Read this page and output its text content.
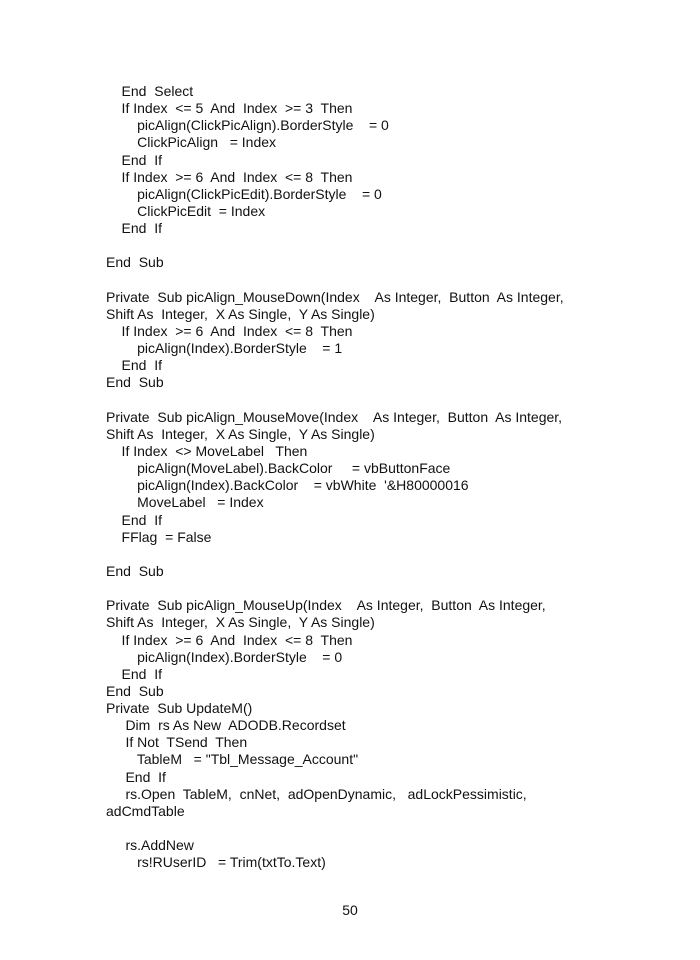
End  Select
If Index  <= 5  And  Index  >= 3  Then
picAlign(ClickPicAlign).BorderStyle    = 0
ClickPicAlign   = Index
End  If
If Index  >= 6  And  Index  <= 8  Then
picAlign(ClickPicEdit).BorderStyle    = 0
ClickPicEdit  = Index
End  If
End  Sub
Private  Sub picAlign_MouseDown(Index    As Integer,  Button  As Integer,
Shift As  Integer,  X As Single,  Y As Single)
If Index  >= 6  And  Index  <= 8  Then
picAlign(Index).BorderStyle    = 1
End  If
End  Sub
Private  Sub picAlign_MouseMove(Index    As Integer,  Button  As Integer,
Shift As  Integer,  X As Single,  Y As Single)
If Index  <> MoveLabel   Then
picAlign(MoveLabel).BackColor     = vbButtonFace
picAlign(Index).BackColor    = vbWhite  '&H80000016
MoveLabel   = Index
End  If
FFlag  = False
End  Sub
Private  Sub picAlign_MouseUp(Index    As Integer,  Button  As Integer,
Shift As  Integer,  X As Single,  Y As Single)
If Index  >= 6  And  Index  <= 8  Then
picAlign(Index).BorderStyle    = 0
End  If
End  Sub
Private  Sub UpdateM()
Dim  rs As New  ADODB.Recordset
If Not  TSend  Then
TableM   = "Tbl_Message_Account"
End  If
rs.Open  TableM,  cnNet,  adOpenDynamic,   adLockPessimistic,
adCmdTable
rs.AddNew
rs!RUserID   = Trim(txtTo.Text)
50
